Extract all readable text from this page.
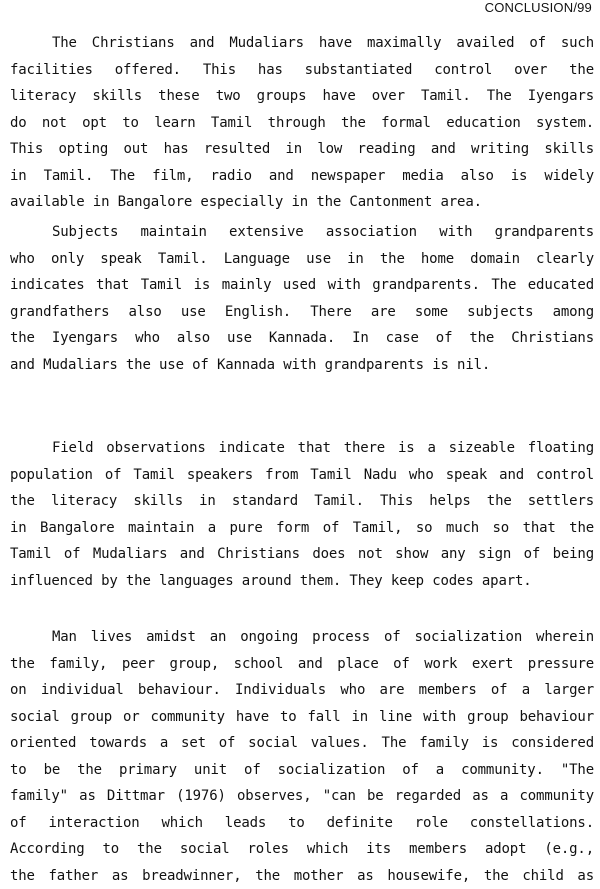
CONCLUSION/99
The Christians and Mudaliars have maximally availed of such
facilities offered. This has substantiated control over the
literacy skills these two groups have over Tamil. The Iyengars
do not opt to learn Tamil through the formal education system.
This opting out has resulted in low reading and writing skills
in Tamil. The film, radio and newspaper media also is widely
available in Bangalore especially in the Cantonment area.
Subjects maintain extensive association with grandparents
who only speak Tamil. Language use in the home domain clearly
indicates that Tamil is mainly used with grandparents. The educated
grandfathers also use English. There are some subjects among
the Iyengars who also use Kannada. In case of the Christians
and Mudaliars the use of Kannada with grandparents is nil.
Field observations indicate that there is a sizeable floating
population of Tamil speakers from Tamil Nadu who speak and control
the literacy skills in standard Tamil. This helps the settlers
in Bangalore maintain a pure form of Tamil, so much so that the
Tamil of Mudaliars and Christians does not show any sign of being
influenced by the languages around them. They keep codes apart.
Man lives amidst an ongoing process of socialization wherein
the family, peer group, school and place of work exert pressure
on individual behaviour. Individuals who are members of a larger
social group or community have to fall in line with group behaviour
oriented towards a set of social values. The family is considered
to be the primary unit of socialization of a community. "The
family" as Dittmar (1976) observes, "can be regarded as a community
of interaction which leads to definite role constellations.
According to the social roles which its members adopt (e.g.,
the father as breadwinner, the mother as housewife, the child as
